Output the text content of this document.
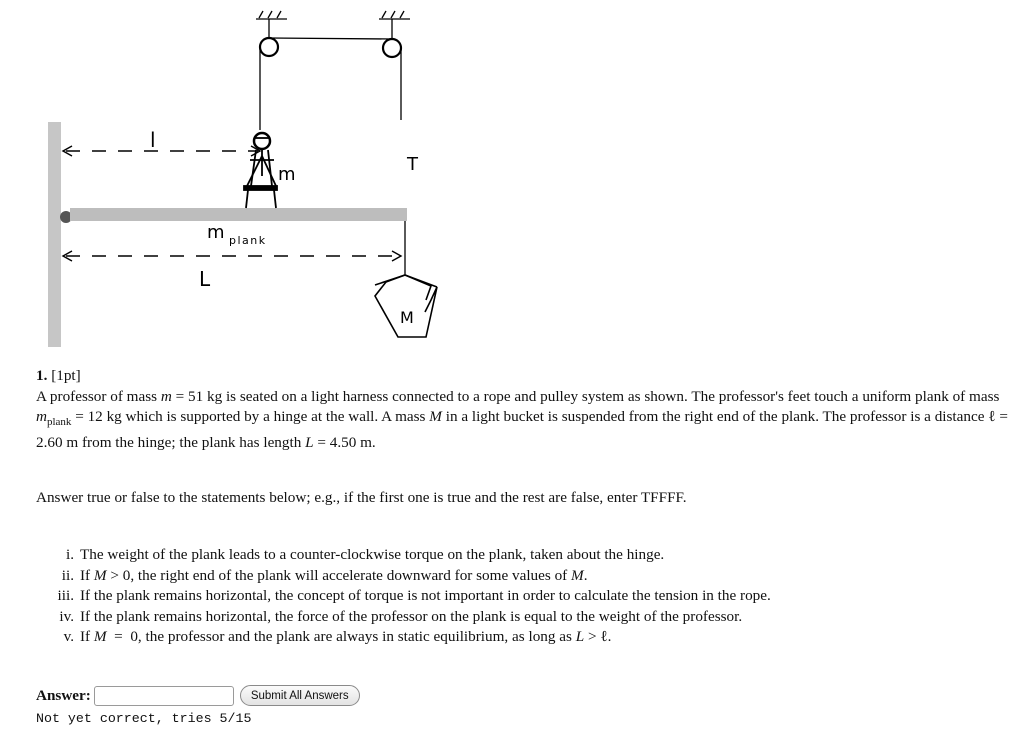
l
m	T
m plank
L
M
1. [1pt]

A professor of mass m = 51 kg is seated on a light harness connected to a rope and pulley system as shown. The professor's feet touch a uniform plank of mass $m_{plank} = 12$ kg which is supported by a hinge at the wall. A mass M in a light bucket is suspended from the right end of the plank. The professor is a distance ℓ = 2.60 m from the hinge; the plank has length L = 4.50 m.

Answer true or false to the statements below; e.g., if the first one is true and the rest are false, enter TFFFF.
i. The weight of the plank leads to a counter-clockwise torque on the plank, taken about the hinge.
ii. If M > 0, the right end of the plank will accelerate downward for some values of M.
iii. If the plank remains horizontal, the concept of torque is not important in order to calculate the tension in the rope.
iv. If the plank remains horizontal, the force of the professor on the plank is equal to the weight of the professor.
v. If M  =  0, the professor and the plank are always in static equilibrium, as long as L > ℓ.
Answer:	Submit All Answers
Not yet correct, tries 5/15
